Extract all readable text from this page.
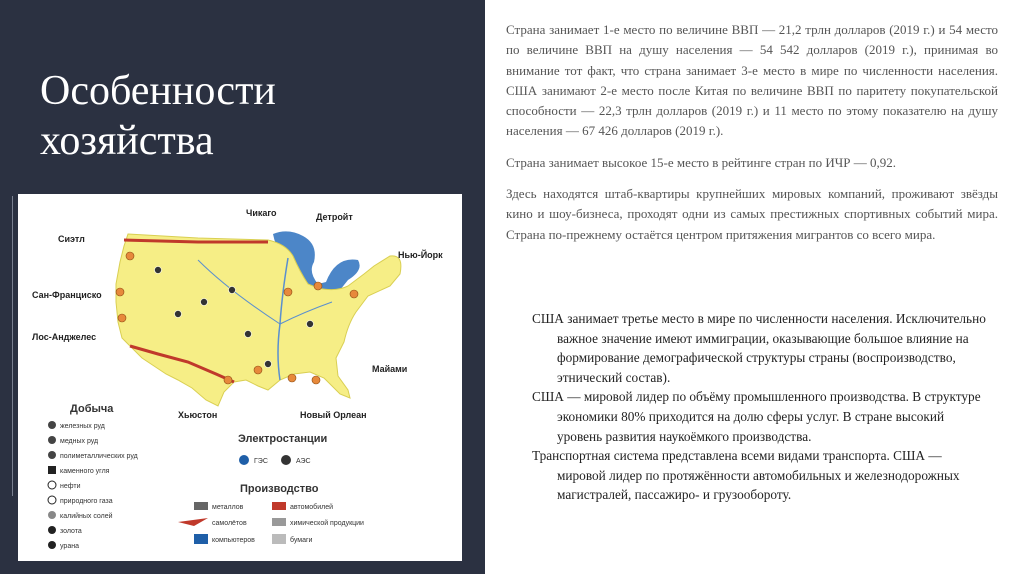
Особенности хозяйства
Сиэтл
Чикаго	Детройт
Нью-Йорк
Сан-Франциско
Лос-Анджелес
Майами
Хьюстон	Новый Орлеан
Добыча
железных руд
медных руд
полиметаллических руд
каменного угля
нефти
природного газа
калийных солей
золота
урана
Электростанции
ГЭС	АЭС
Производство
металлов	автомобилей
самолётов	химической продукции
компьютеров	бумаги

Страна занимает 1-е место по величине ВВП — 21,2 трлн долларов (2019 г.) и 54 место по величине ВВП на душу населения — 54 542 долларов (2019 г.), принимая во внимание тот факт, что страна занимает 3-е место в мире по численности населения. США занимают 2-е место после Китая по величине ВВП по паритету покупательской способности — 22,3 трлн долларов (2019 г.) и 11 место по этому показателю на душу населения — 67 426 долларов (2019 г.).

Страна занимает высокое 15-е место в рейтинге стран по ИЧР — 0,92.

Здесь находятся штаб-квартиры крупнейших мировых компаний, проживают звёзды кино и шоу-бизнеса, проходят одни из самых престижных спортивных событий мира. Страна по-прежнему остаётся центром притяжения мигрантов со всего мира.

США занимает третье место в мире по численности населения. Исключительно важное значение имеют иммиграции, оказывающие большое влияние на формирование демографической структуры страны (воспроизводство, этнический состав).

США — мировой лидер по объёму промышленного производства. В структуре экономики 80% приходится на долю сферы услуг. В стране высокий уровень развития наукоёмкого производства.

Транспортная система представлена всеми видами транспорта. США — мировой лидер по протяжённости автомобильных и железнодорожных магистралей, пассажиро- и грузообороту.
